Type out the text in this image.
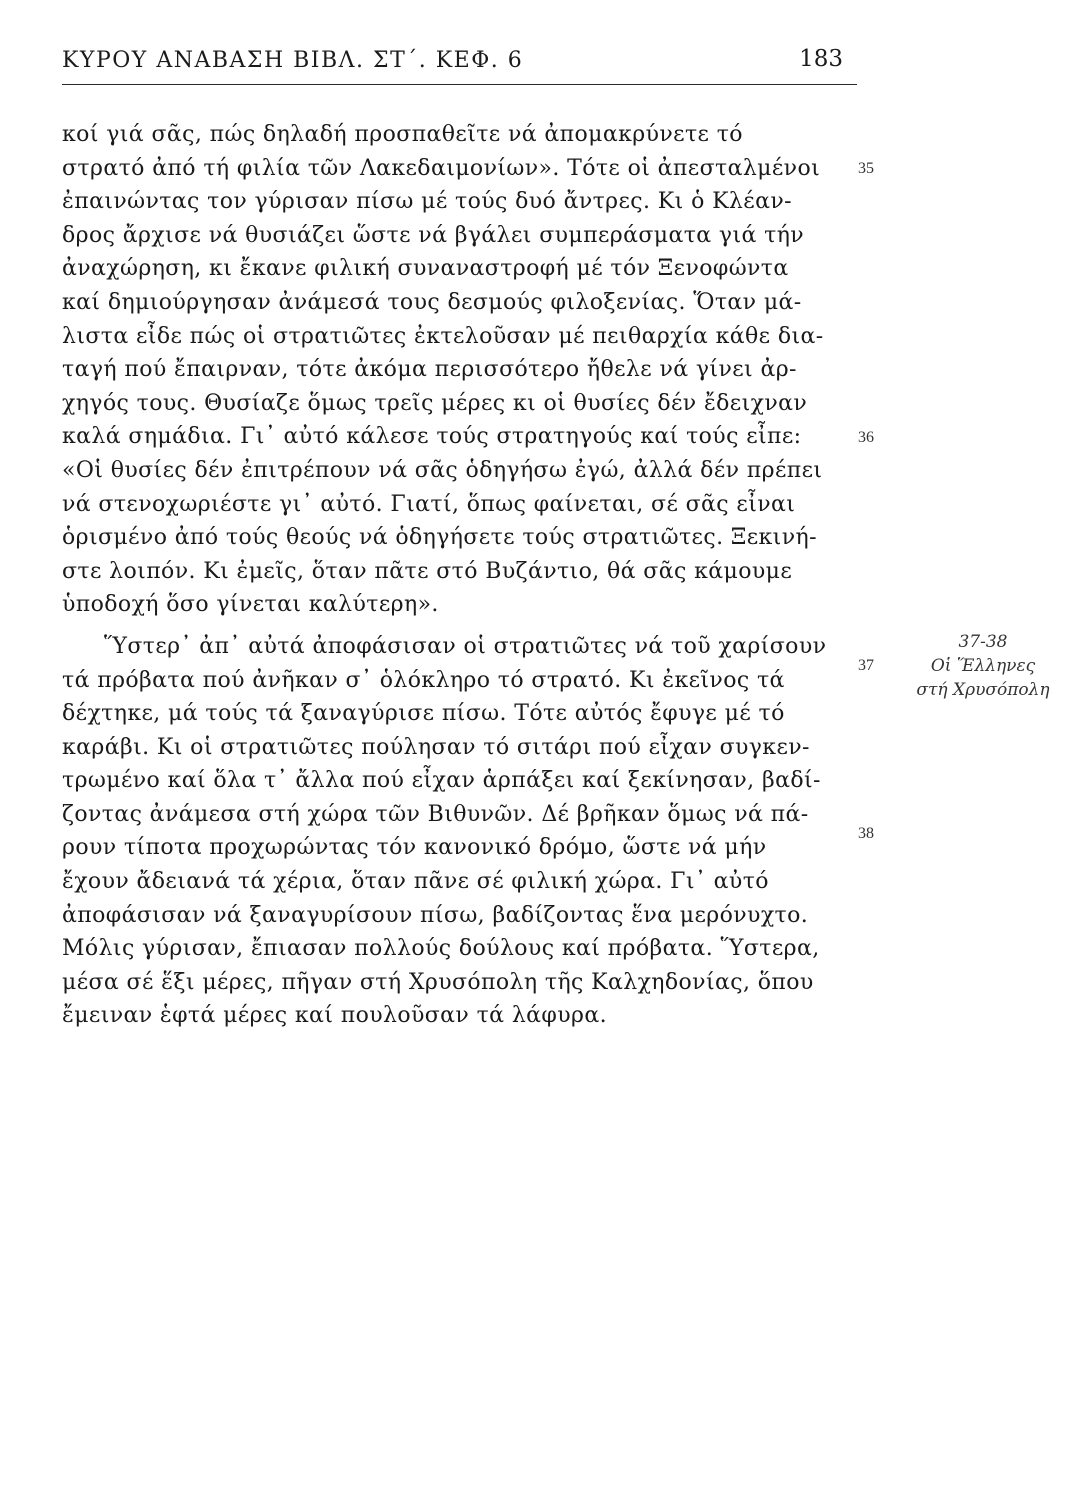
ΚΥΡΟΥ ΑΝΑΒΑΣΗ ΒΙΒΛ. ΣΤ΄. ΚΕΦ. 6	183
κοί γιά σᾶς, πώς δηλαδή προσπαθεῖτε νά ἀπομακρύνετε τό
στρατό ἀπό τή φιλία τῶν Λακεδαιμονίων». Τότε οἱ ἀπεσταλμένοι
ἐπαινώντας τον γύρισαν πίσω μέ τούς δυό ἄντρες. Κι ὁ Κλέαν-
δρος ἄρχισε νά θυσιάζει ὥστε νά βγάλει συμπεράσματα γιά τήν
ἀναχώρηση, κι ἔκανε φιλική συναναστροφή μέ τόν Ξενοφώντα
καί δημιούργησαν ἀνάμεσά τους δεσμούς φιλοξενίας. Ὅταν μά-
λιστα εἶδε πώς οἱ στρατιῶτες ἐκτελοῦσαν μέ πειθαρχία κάθε δια-
ταγή πού ἔπαιρναν, τότε ἀκόμα περισσότερο ἤθελε νά γίνει ἀρ-
χηγός τους. Θυσίαζε ὅμως τρεῖς μέρες κι οἱ θυσίες δέν ἔδειχναν
καλά σημάδια. Γι᾽ αὐτό κάλεσε τούς στρατηγούς καί τούς εἶπε:
«Οἱ θυσίες δέν ἐπιτρέπουν νά σᾶς ὁδηγήσω ἐγώ, ἀλλά δέν πρέπει
νά στενοχωριέστε γι᾽ αὐτό. Γιατί, ὅπως φαίνεται, σέ σᾶς εἶναι
ὁρισμένο ἀπό τούς θεούς νά ὁδηγήσετε τούς στρατιῶτες. Ξεκινή-
στε λοιπόν. Κι ἐμεῖς, ὅταν πᾶτε στό Βυζάντιο, θά σᾶς κάμουμε
ὑποδοχή ὅσο γίνεται καλύτερη».
Ὕστερ᾽ ἀπ᾽ αὐτά ἀποφάσισαν οἱ στρατιῶτες νά τοῦ χαρίσουν
τά πρόβατα πού ἀνῆκαν σ᾽ ὁλόκληρο τό στρατό. Κι ἐκεῖνος τά
δέχτηκε, μά τούς τά ξαναγύρισε πίσω. Τότε αὐτός ἔφυγε μέ τό
καράβι. Κι οἱ στρατιῶτες πούλησαν τό σιτάρι πού εἶχαν συγκεν-
τρωμένο καί ὅλα τ᾽ ἄλλα πού εἶχαν ἁρπάξει καί ξεκίνησαν, βαδί-
ζοντας ἀνάμεσα στή χώρα τῶν Βιθυνῶν. Δέ βρῆκαν ὅμως νά πά-
ρουν τίποτα προχωρώντας τόν κανονικό δρόμο, ὥστε νά μήν
ἔχουν ἄδειανά τά χέρια, ὅταν πᾶνε σέ φιλική χώρα. Γι᾽ αὐτό
ἀποφάσισαν νά ξαναγυρίσουν πίσω, βαδίζοντας ἕνα μερόνυχτο.
Μόλις γύρισαν, ἔπιασαν πολλούς δούλους καί πρόβατα. Ὕστερα,
μέσα σέ ἕξι μέρες, πῆγαν στή Χρυσόπολη τῆς Καλχηδονίας, ὅπου
ἔμειναν ἑφτά μέρες καί πουλοῦσαν τά λάφυρα.
35
36
37
38
37-38
Οἱ Ἕλληνες
στή Χρυσόπολη
